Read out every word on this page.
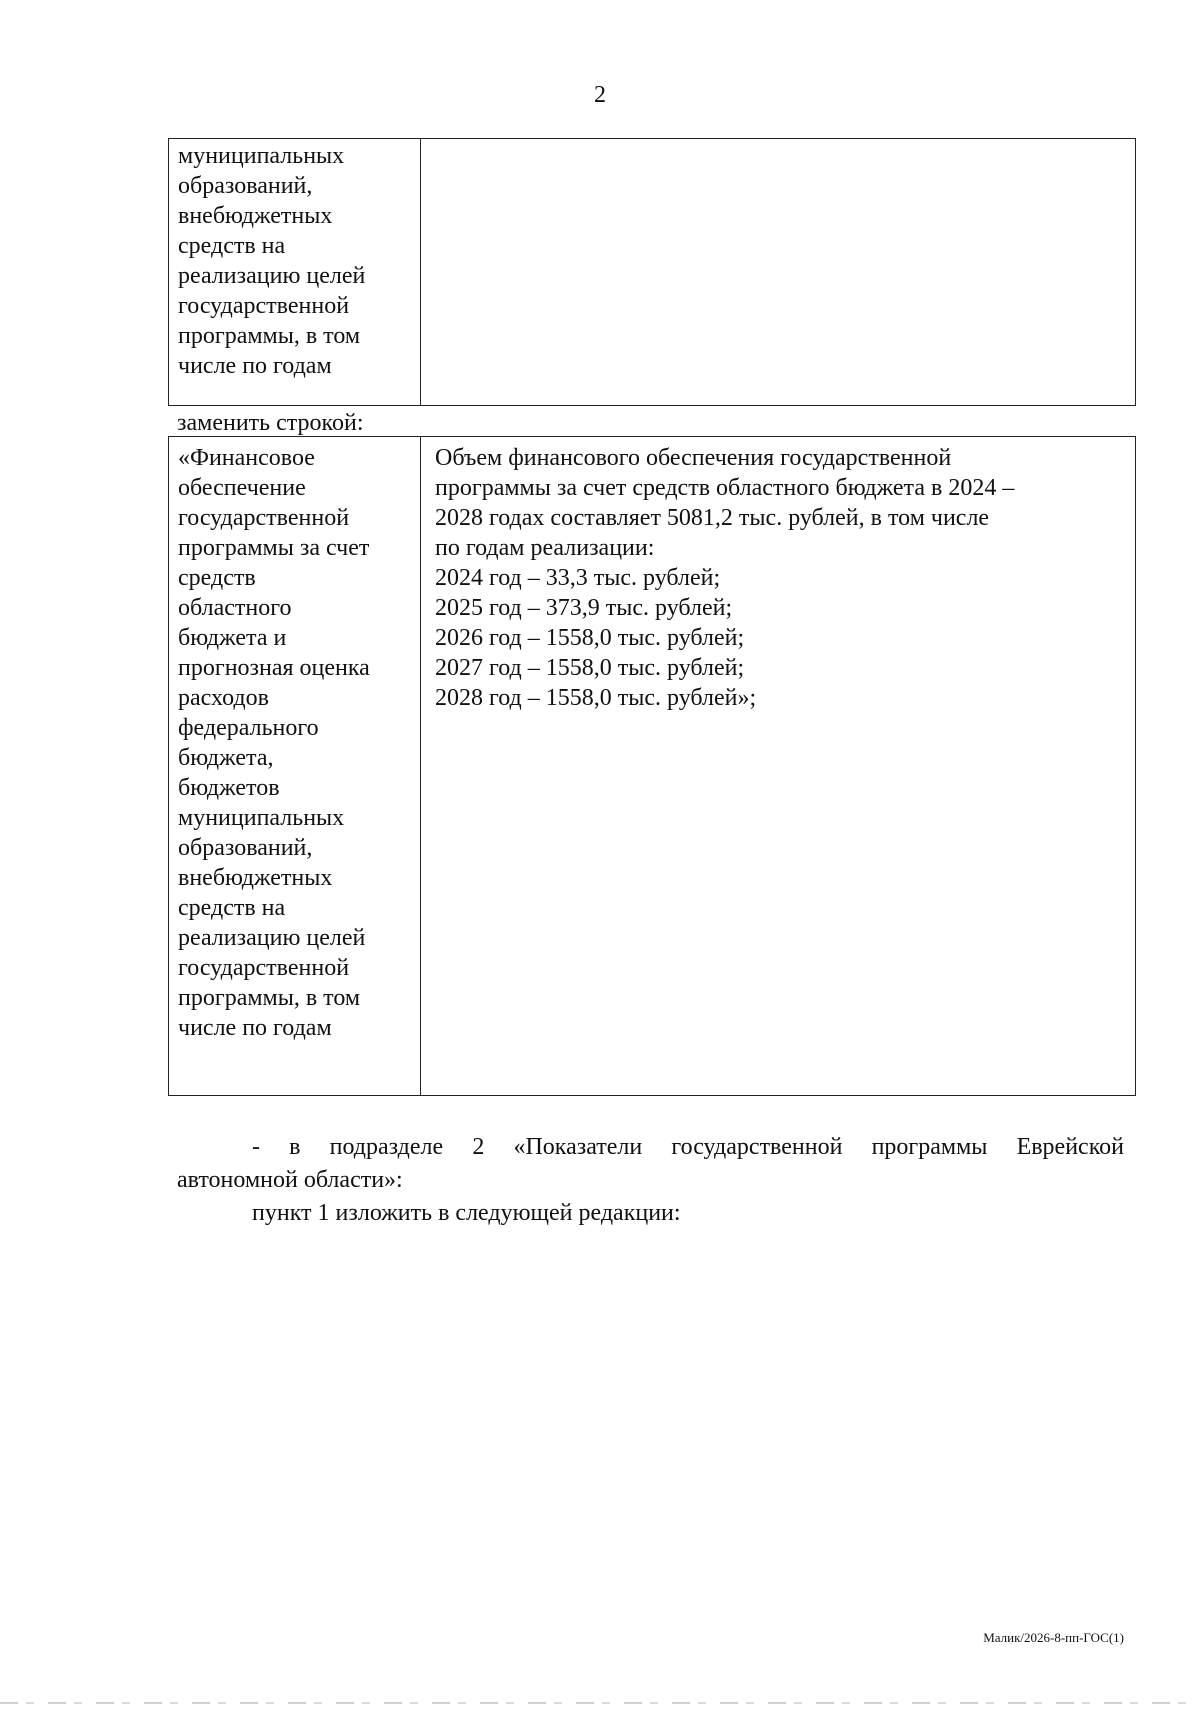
2
муниципальных
образований,
внебюджетных
средств на
реализацию целей
государственной
программы, в том
числе по годам
заменить строкой:
«Финансовое
обеспечение
государственной
программы за счет
средств
областного
бюджета и
прогнозная оценка
расходов
федерального
бюджета,
бюджетов
муниципальных
образований,
внебюджетных
средств на
реализацию целей
государственной
программы, в том
числе по годам
Объем финансового обеспечения государственной
программы за счет средств областного бюджета в 2024 –
2028 годах составляет 5081,2 тыс. рублей, в том числе
по годам реализации:
2024 год – 33,3 тыс. рублей;
2025 год – 373,9 тыс. рублей;
2026 год – 1558,0 тыс. рублей;
2027 год – 1558,0 тыс. рублей;
2028 год – 1558,0 тыс. рублей»;
- в подразделе 2 «Показатели государственной программы Еврейской
автономной области»:
пункт 1 изложить в следующей редакции:
Малик/2026-8-пп-ГОС(1)
